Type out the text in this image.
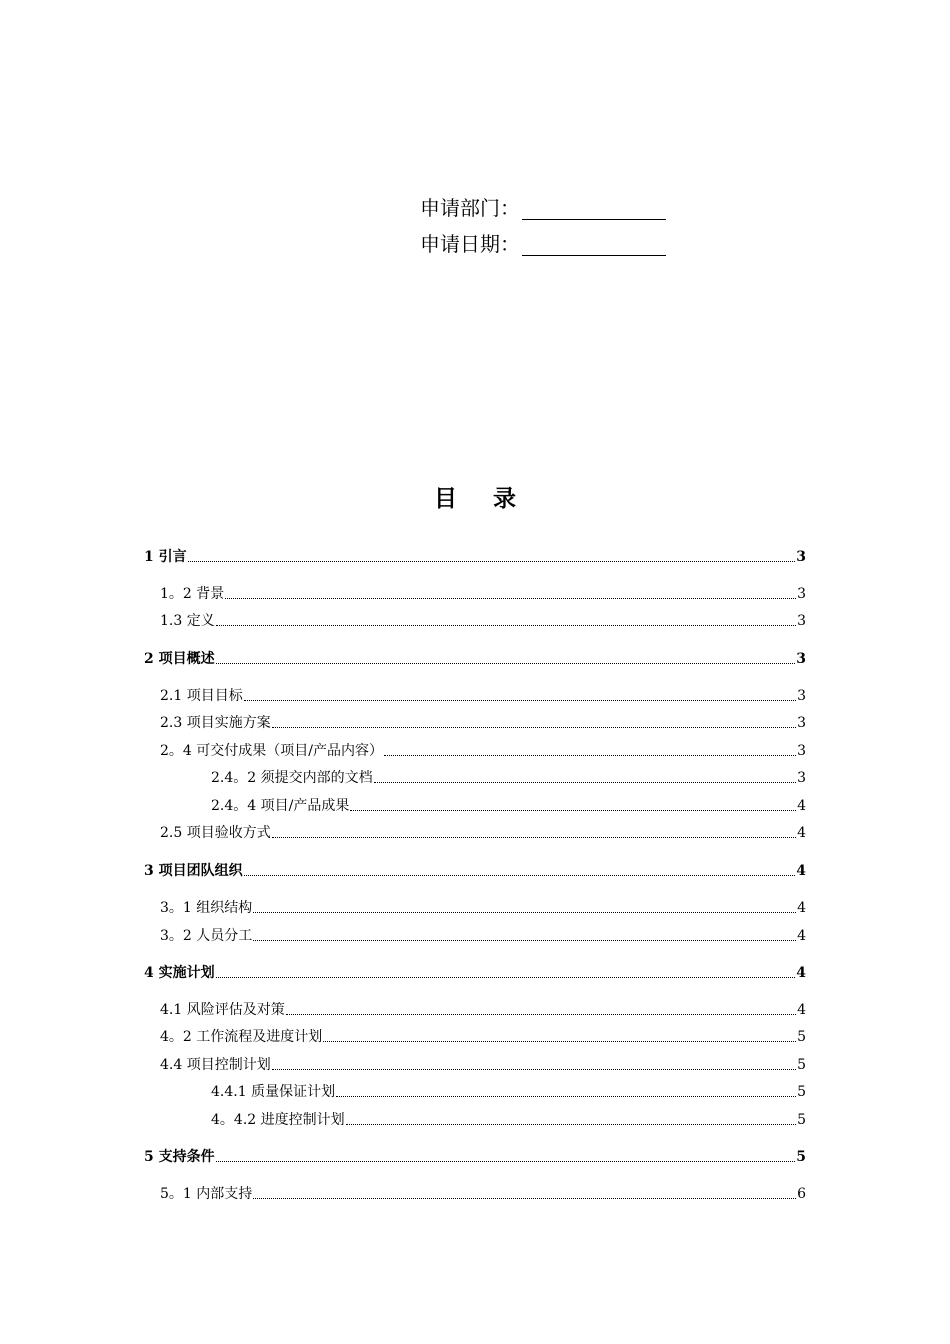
申请部门：
申请日期：
目 录
1 引言	3
1。2 背景	3
1.3 定义	3
2 项目概述	3
2.1 项目目标	3
2.3 项目实施方案	3
2。4 可交付成果（项目/产品内容）	3
2.4。2 须提交内部的文档	3
2.4。4 项目/产品成果	4
2.5 项目验收方式	4
3 项目团队组织	4
3。1 组织结构	4
3。2 人员分工	4
4 实施计划	4
4.1 风险评估及对策	4
4。2 工作流程及进度计划	5
4.4 项目控制计划	5
4.4.1 质量保证计划	5
4。4.2 进度控制计划	5
5 支持条件	5
5。1 内部支持	6
